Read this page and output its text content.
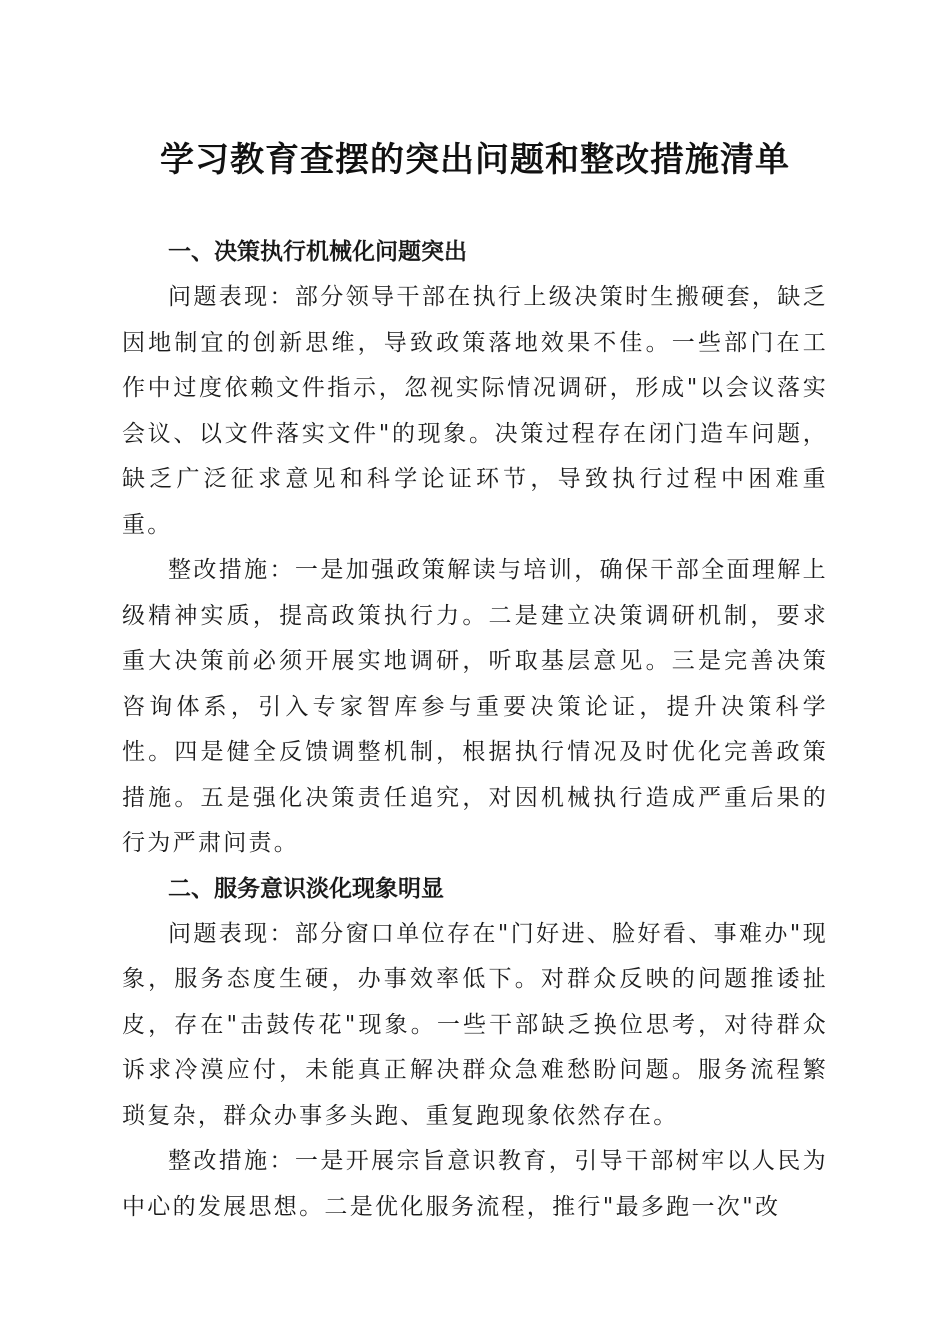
学习教育查摆的突出问题和整改措施清单

一、决策执行机械化问题突出

问题表现：部分领导干部在执行上级决策时生搬硬套，缺乏因地制宜的创新思维，导致政策落地效果不佳。一些部门在工作中过度依赖文件指示，忽视实际情况调研，形成"以会议落实会议、以文件落实文件"的现象。决策过程存在闭门造车问题，缺乏广泛征求意见和科学论证环节，导致执行过程中困难重重。

整改措施：一是加强政策解读与培训，确保干部全面理解上级精神实质，提高政策执行力。二是建立决策调研机制，要求重大决策前必须开展实地调研，听取基层意见。三是完善决策咨询体系，引入专家智库参与重要决策论证，提升决策科学性。四是健全反馈调整机制，根据执行情况及时优化完善政策措施。五是强化决策责任追究，对因机械执行造成严重后果的行为严肃问责。

二、服务意识淡化现象明显

问题表现：部分窗口单位存在"门好进、脸好看、事难办"现象，服务态度生硬，办事效率低下。对群众反映的问题推诿扯皮，存在"击鼓传花"现象。一些干部缺乏换位思考，对待群众诉求冷漠应付，未能真正解决群众急难愁盼问题。服务流程繁琐复杂，群众办事多头跑、重复跑现象依然存在。

整改措施：一是开展宗旨意识教育，引导干部树牢以人民为中心的发展思想。二是优化服务流程，推行"最多跑一次"改
